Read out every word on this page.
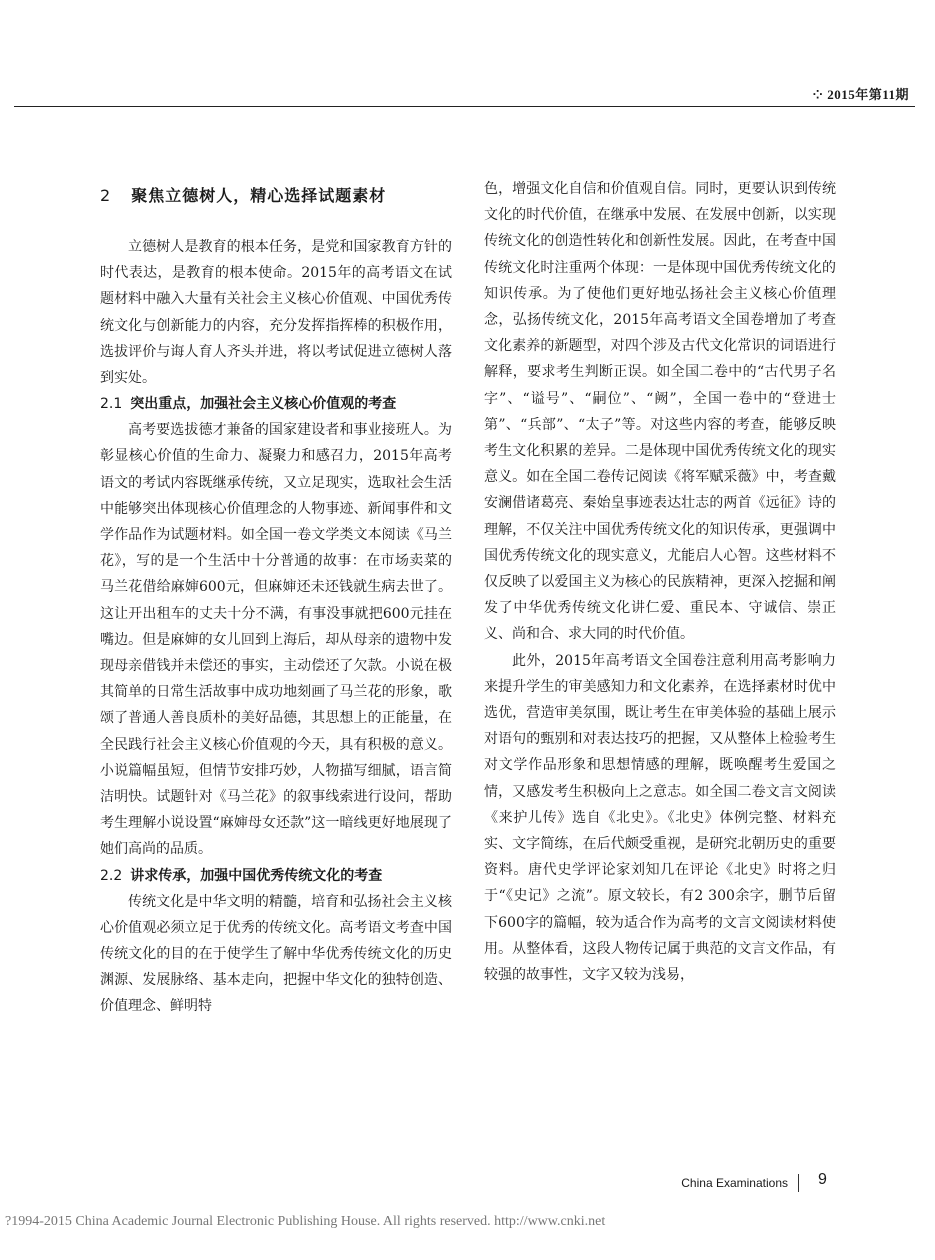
⁘ 2015年第11期
2 聚焦立德树人，精心选择试题素材

立德树人是教育的根本任务，是党和国家教育方针的时代表达，是教育的根本使命。2015年的高考语文在试题材料中融入大量有关社会主义核心价值观、中国优秀传统文化与创新能力的内容，充分发挥指挥棒的积极作用，选拔评价与诲人育人齐头并进，将以考试促进立德树人落到实处。

2.1 突出重点，加强社会主义核心价值观的考查

高考要选拔德才兼备的国家建设者和事业接班人。为彰显核心价值的生命力、凝聚力和感召力，2015年高考语文的考试内容既继承传统，又立足现实，选取社会生活中能够突出体现核心价值理念的人物事迹、新闻事件和文学作品作为试题材料。如全国一卷文学类文本阅读《马兰花》，写的是一个生活中十分普通的故事：在市场卖菜的马兰花借给麻婶600元，但麻婶还未还钱就生病去世了。这让开出租车的丈夫十分不满，有事没事就把600元挂在嘴边。但是麻婶的女儿回到上海后，却从母亲的遗物中发现母亲借钱并未偿还的事实，主动偿还了欠款。小说在极其简单的日常生活故事中成功地刻画了马兰花的形象，歌颂了普通人善良质朴的美好品德，其思想上的正能量，在全民践行社会主义核心价值观的今天，具有积极的意义。小说篇幅虽短，但情节安排巧妙，人物描写细腻，语言简洁明快。试题针对《马兰花》的叙事线索进行设问，帮助考生理解小说设置“麻婶母女还款”这一暗线更好地展现了她们高尚的品质。

2.2 讲求传承，加强中国优秀传统文化的考查

传统文化是中华文明的精髓，培育和弘扬社会主义核心价值观必须立足于优秀的传统文化。高考语文考查中国传统文化的目的在于使学生了解中华优秀传统文化的历史渊源、发展脉络、基本走向，把握中华文化的独特创造、价值理念、鲜明特

色，增强文化自信和价值观自信。同时，更要认识到传统文化的时代价值，在继承中发展、在发展中创新，以实现传统文化的创造性转化和创新性发展。因此，在考查中国传统文化时注重两个体现：一是体现中国优秀传统文化的知识传承。为了使他们更好地弘扬社会主义核心价值理念，弘扬传统文化，2015年高考语文全国卷增加了考查文化素养的新题型，对四个涉及古代文化常识的词语进行解释，要求考生判断正误。如全国二卷中的“古代男子名字”、“谥号”、“嗣位”、“阙”，全国一卷中的“登进士第”、“兵部”、“太子”等。对这些内容的考查，能够反映考生文化积累的差异。二是体现中国优秀传统文化的现实意义。如在全国二卷传记阅读《将军赋采薇》中，考查戴安澜借诸葛亮、秦始皇事迹表达壮志的两首《远征》诗的理解，不仅关注中国优秀传统文化的知识传承，更强调中国优秀传统文化的现实意义，尤能启人心智。这些材料不仅反映了以爱国主义为核心的民族精神，更深入挖掘和阐发了中华优秀传统文化讲仁爱、重民本、守诚信、崇正义、尚和合、求大同的时代价值。

此外，2015年高考语文全国卷注意利用高考影响力来提升学生的审美感知力和文化素养，在选择素材时优中选优，营造审美氛围，既让考生在审美体验的基础上展示对语句的甄别和对表达技巧的把握，又从整体上检验考生对文学作品形象和思想情感的理解，既唤醒考生爱国之情，又感发考生积极向上之意志。如全国二卷文言文阅读《来护儿传》选自《北史》。《北史》体例完整、材料充实、文字简练，在后代颇受重视，是研究北朝历史的重要资料。唐代史学评论家刘知几在评论《北史》时将之归于“《史记》之流”。原文较长，有2 300余字，删节后留下600字的篇幅，较为适合作为高考的文言文阅读材料使用。从整体看，这段人物传记属于典范的文言文作品，有较强的故事性，文字又较为浅易，

China Examinations	9
?1994-2015 China Academic Journal Electronic Publishing House. All rights reserved. http://www.cnki.net
